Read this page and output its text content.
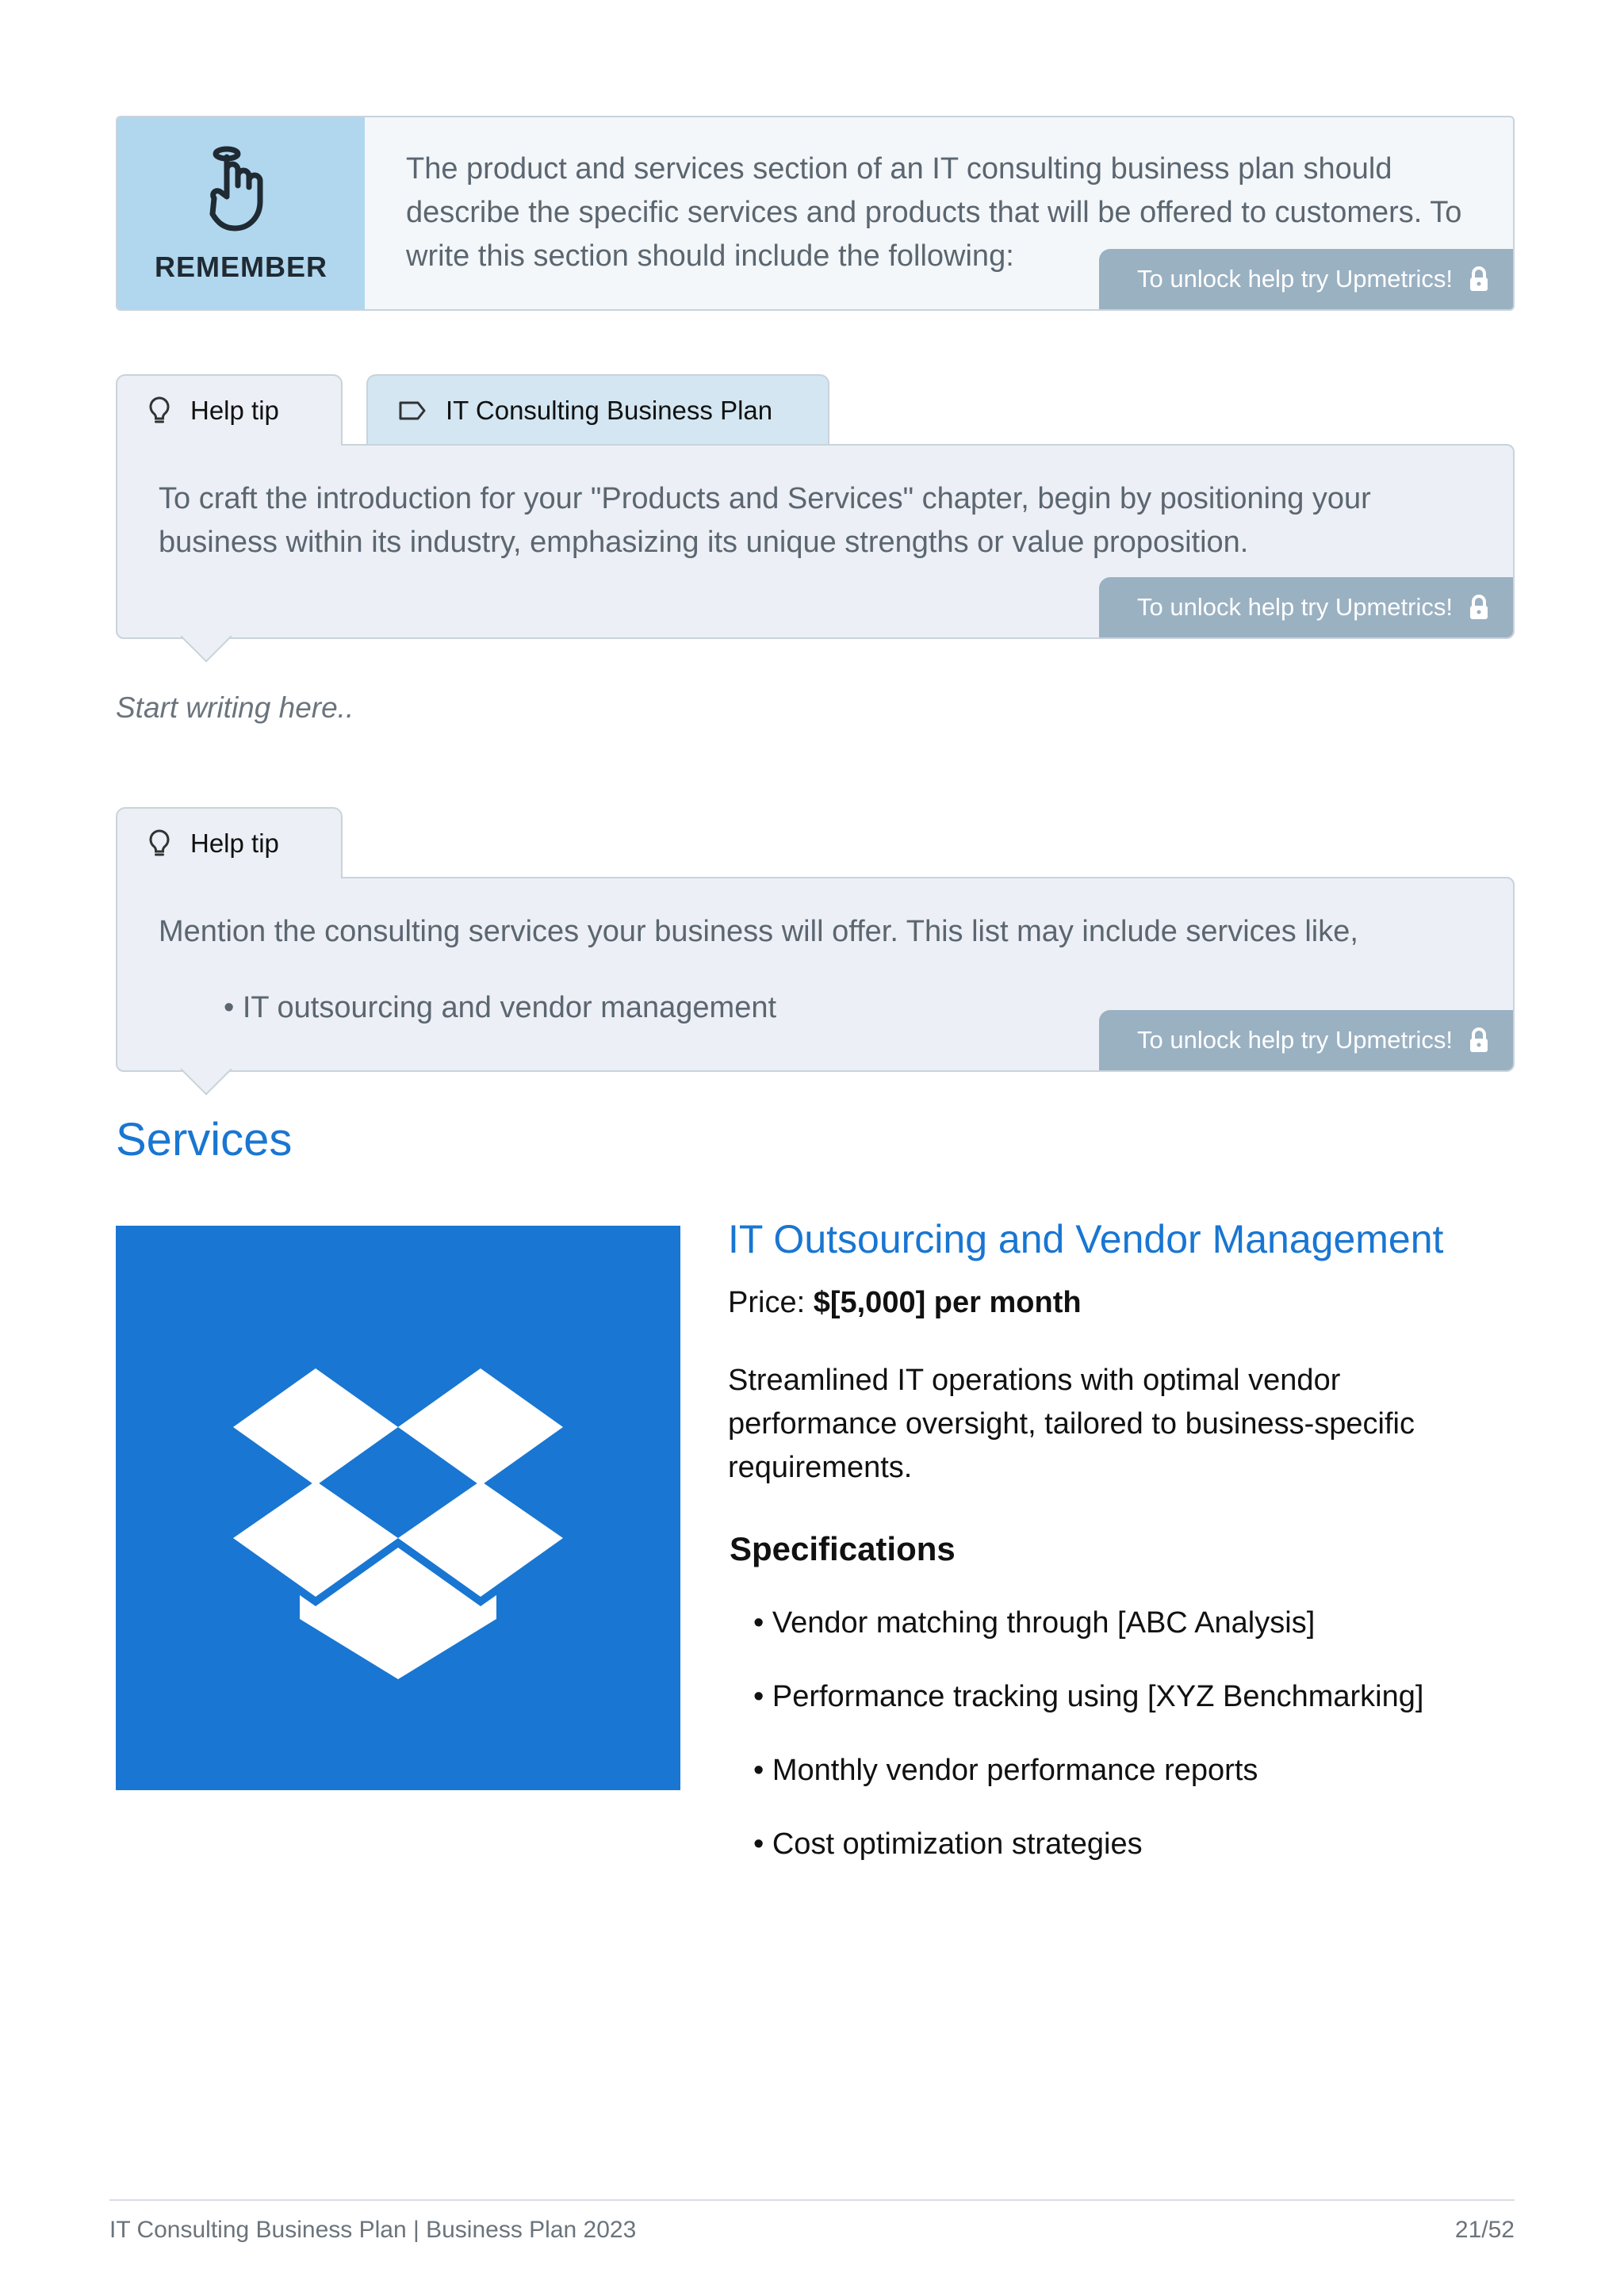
REMEMBER
The product and services section of an IT consulting business plan should describe the specific services and products that will be offered to customers. To write this section should include the following:
To unlock help try Upmetrics!
Help tip	IT Consulting Business Plan
To craft the introduction for your "Products and Services" chapter, begin by positioning your business within its industry, emphasizing its unique strengths or value proposition.
To unlock help try Upmetrics!
Start writing here..
Help tip
Mention the consulting services your business will offer. This list may include services like,
• IT outsourcing and vendor management
To unlock help try Upmetrics!
Services
IT Outsourcing and Vendor Management
Price: $[5,000] per month
Streamlined IT operations with optimal vendor performance oversight, tailored to business-specific requirements.
Specifications
• Vendor matching through [ABC Analysis]
• Performance tracking using [XYZ Benchmarking]
• Monthly vendor performance reports
• Cost optimization strategies
IT Consulting Business Plan | Business Plan 2023	21/52
